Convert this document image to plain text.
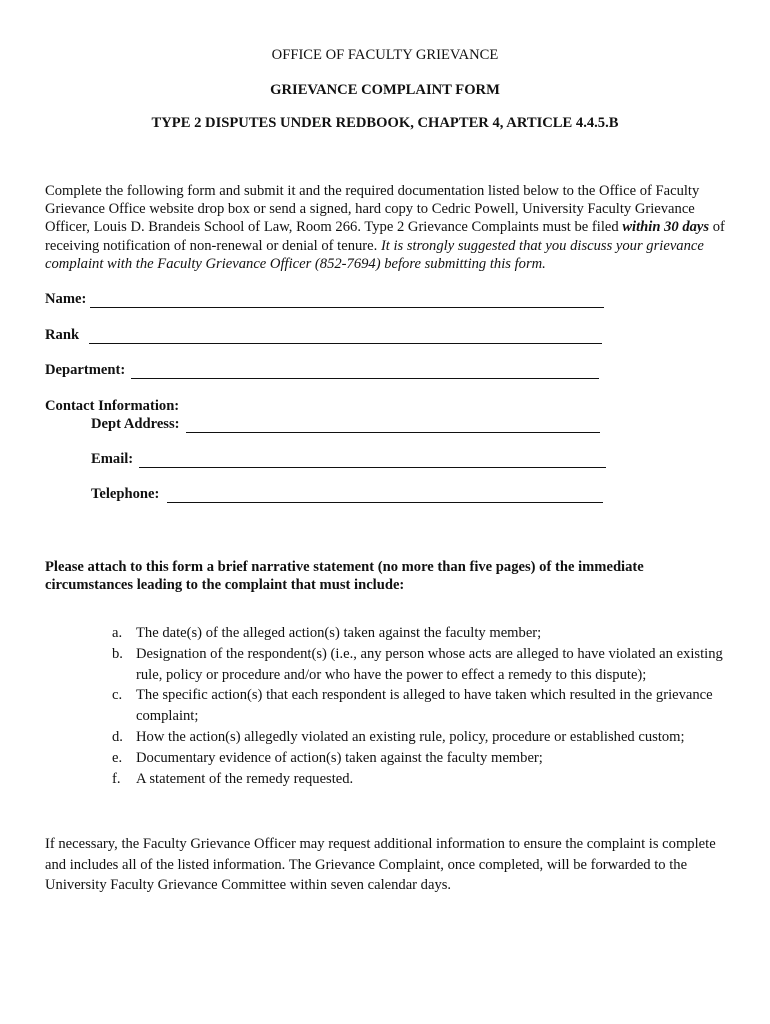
OFFICE OF FACULTY GRIEVANCE
GRIEVANCE COMPLAINT FORM
TYPE 2 DISPUTES UNDER REDBOOK, CHAPTER 4, ARTICLE 4.4.5.B

Complete the following form and submit it and the required documentation listed below to the Office of Faculty Grievance Office website drop box or send a signed, hard copy to Cedric Powell, University Faculty Grievance Officer, Louis D. Brandeis School of Law, Room 266. Type 2 Grievance Complaints must be filed within 30 days of receiving notification of non-renewal or denial of tenure. It is strongly suggested that you discuss your grievance complaint with the Faculty Grievance Officer (852-7694) before submitting this form.

Name:
Rank
Department:
Contact Information:
Dept Address:
Email:
Telephone:

Please attach to this form a brief narrative statement (no more than five pages) of the immediate circumstances leading to the complaint that must include:

a. The date(s) of the alleged action(s) taken against the faculty member;
b. Designation of the respondent(s) (i.e., any person whose acts are alleged to have violated an existing rule, policy or procedure and/or who have the power to effect a remedy to this dispute);
c. The specific action(s) that each respondent is alleged to have taken which resulted in the grievance complaint;
d. How the action(s) allegedly violated an existing rule, policy, procedure or established custom;
e. Documentary evidence of action(s) taken against the faculty member;
f.	A statement of the remedy requested.

If necessary, the Faculty Grievance Officer may request additional information to ensure the complaint is complete and includes all of the listed information. The Grievance Complaint, once completed, will be forwarded to the University Faculty Grievance Committee within seven calendar days.
